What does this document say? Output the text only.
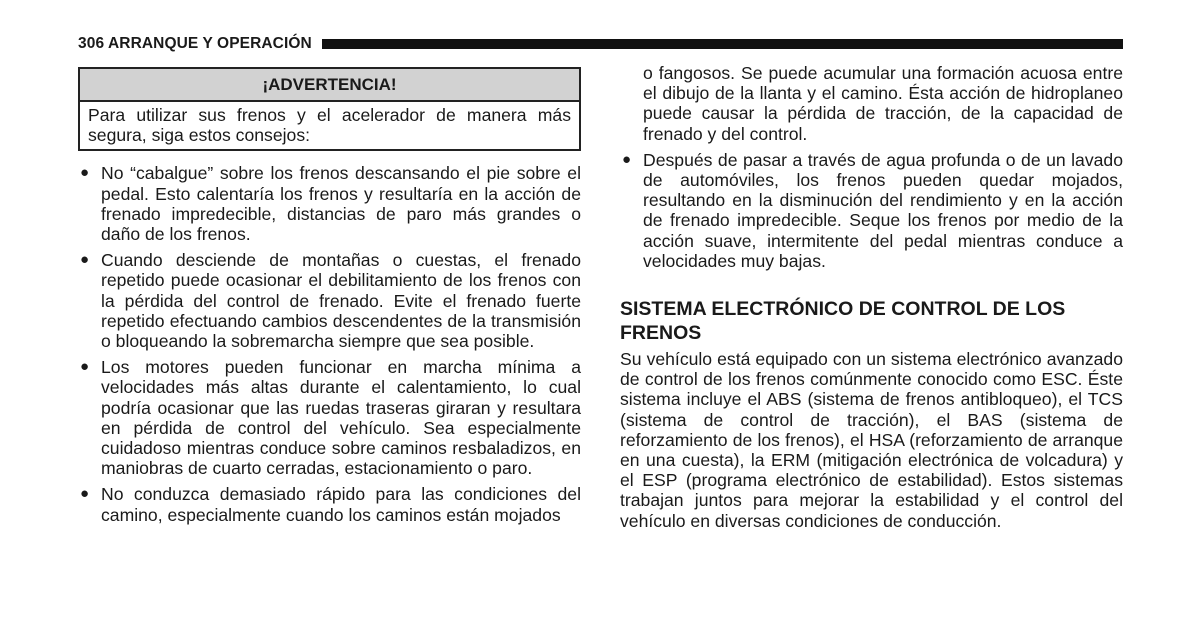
306 ARRANQUE Y OPERACIÓN
¡ADVERTENCIA!
Para utilizar sus frenos y el acelerador de manera más segura, siga estos consejos:
● No “cabalgue” sobre los frenos descansando el pie sobre el pedal. Esto calentaría los frenos y resultaría en la acción de frenado impredecible, distancias de paro más grandes o daño de los frenos.
● Cuando desciende de montañas o cuestas, el frenado repetido puede ocasionar el debilitamiento de los frenos con la pérdida del control de frenado. Evite el frenado fuerte repetido efectuando cambios descendentes de la transmisión o bloqueando la sobremarcha siempre que sea posible.
● Los motores pueden funcionar en marcha mínima a velocidades más altas durante el calentamiento, lo cual podría ocasionar que las ruedas traseras giraran y resultara en pérdida de control del vehículo. Sea especialmente cuidadoso mientras conduce sobre caminos resbaladizos, en maniobras de cuarto cerradas, estacionamiento o paro.
● No conduzca demasiado rápido para las condiciones del camino, especialmente cuando los caminos están mojados
o fangosos. Se puede acumular una formación acuosa entre el dibujo de la llanta y el camino. Ésta acción de hidroplaneo puede causar la pérdida de tracción, de la capacidad de frenado y del control.
● Después de pasar a través de agua profunda o de un lavado de automóviles, los frenos pueden quedar mojados, resultando en la disminución del rendimiento y en la acción de frenado impredecible. Seque los frenos por medio de la acción suave, intermitente del pedal mientras conduce a velocidades muy bajas.
SISTEMA ELECTRÓNICO DE CONTROL DE LOS FRENOS
Su vehículo está equipado con un sistema electrónico avanzado de control de los frenos comúnmente conocido como ESC. Éste sistema incluye el ABS (sistema de frenos antibloqueo), el TCS (sistema de control de tracción), el BAS (sistema de reforzamiento de los frenos), el HSA (reforzamiento de arranque en una cuesta), la ERM (mitigación electrónica de volcadura) y el ESP (programa electrónico de estabilidad). Estos sistemas trabajan juntos para mejorar la estabilidad y el control del vehículo en diversas condiciones de conducción.
